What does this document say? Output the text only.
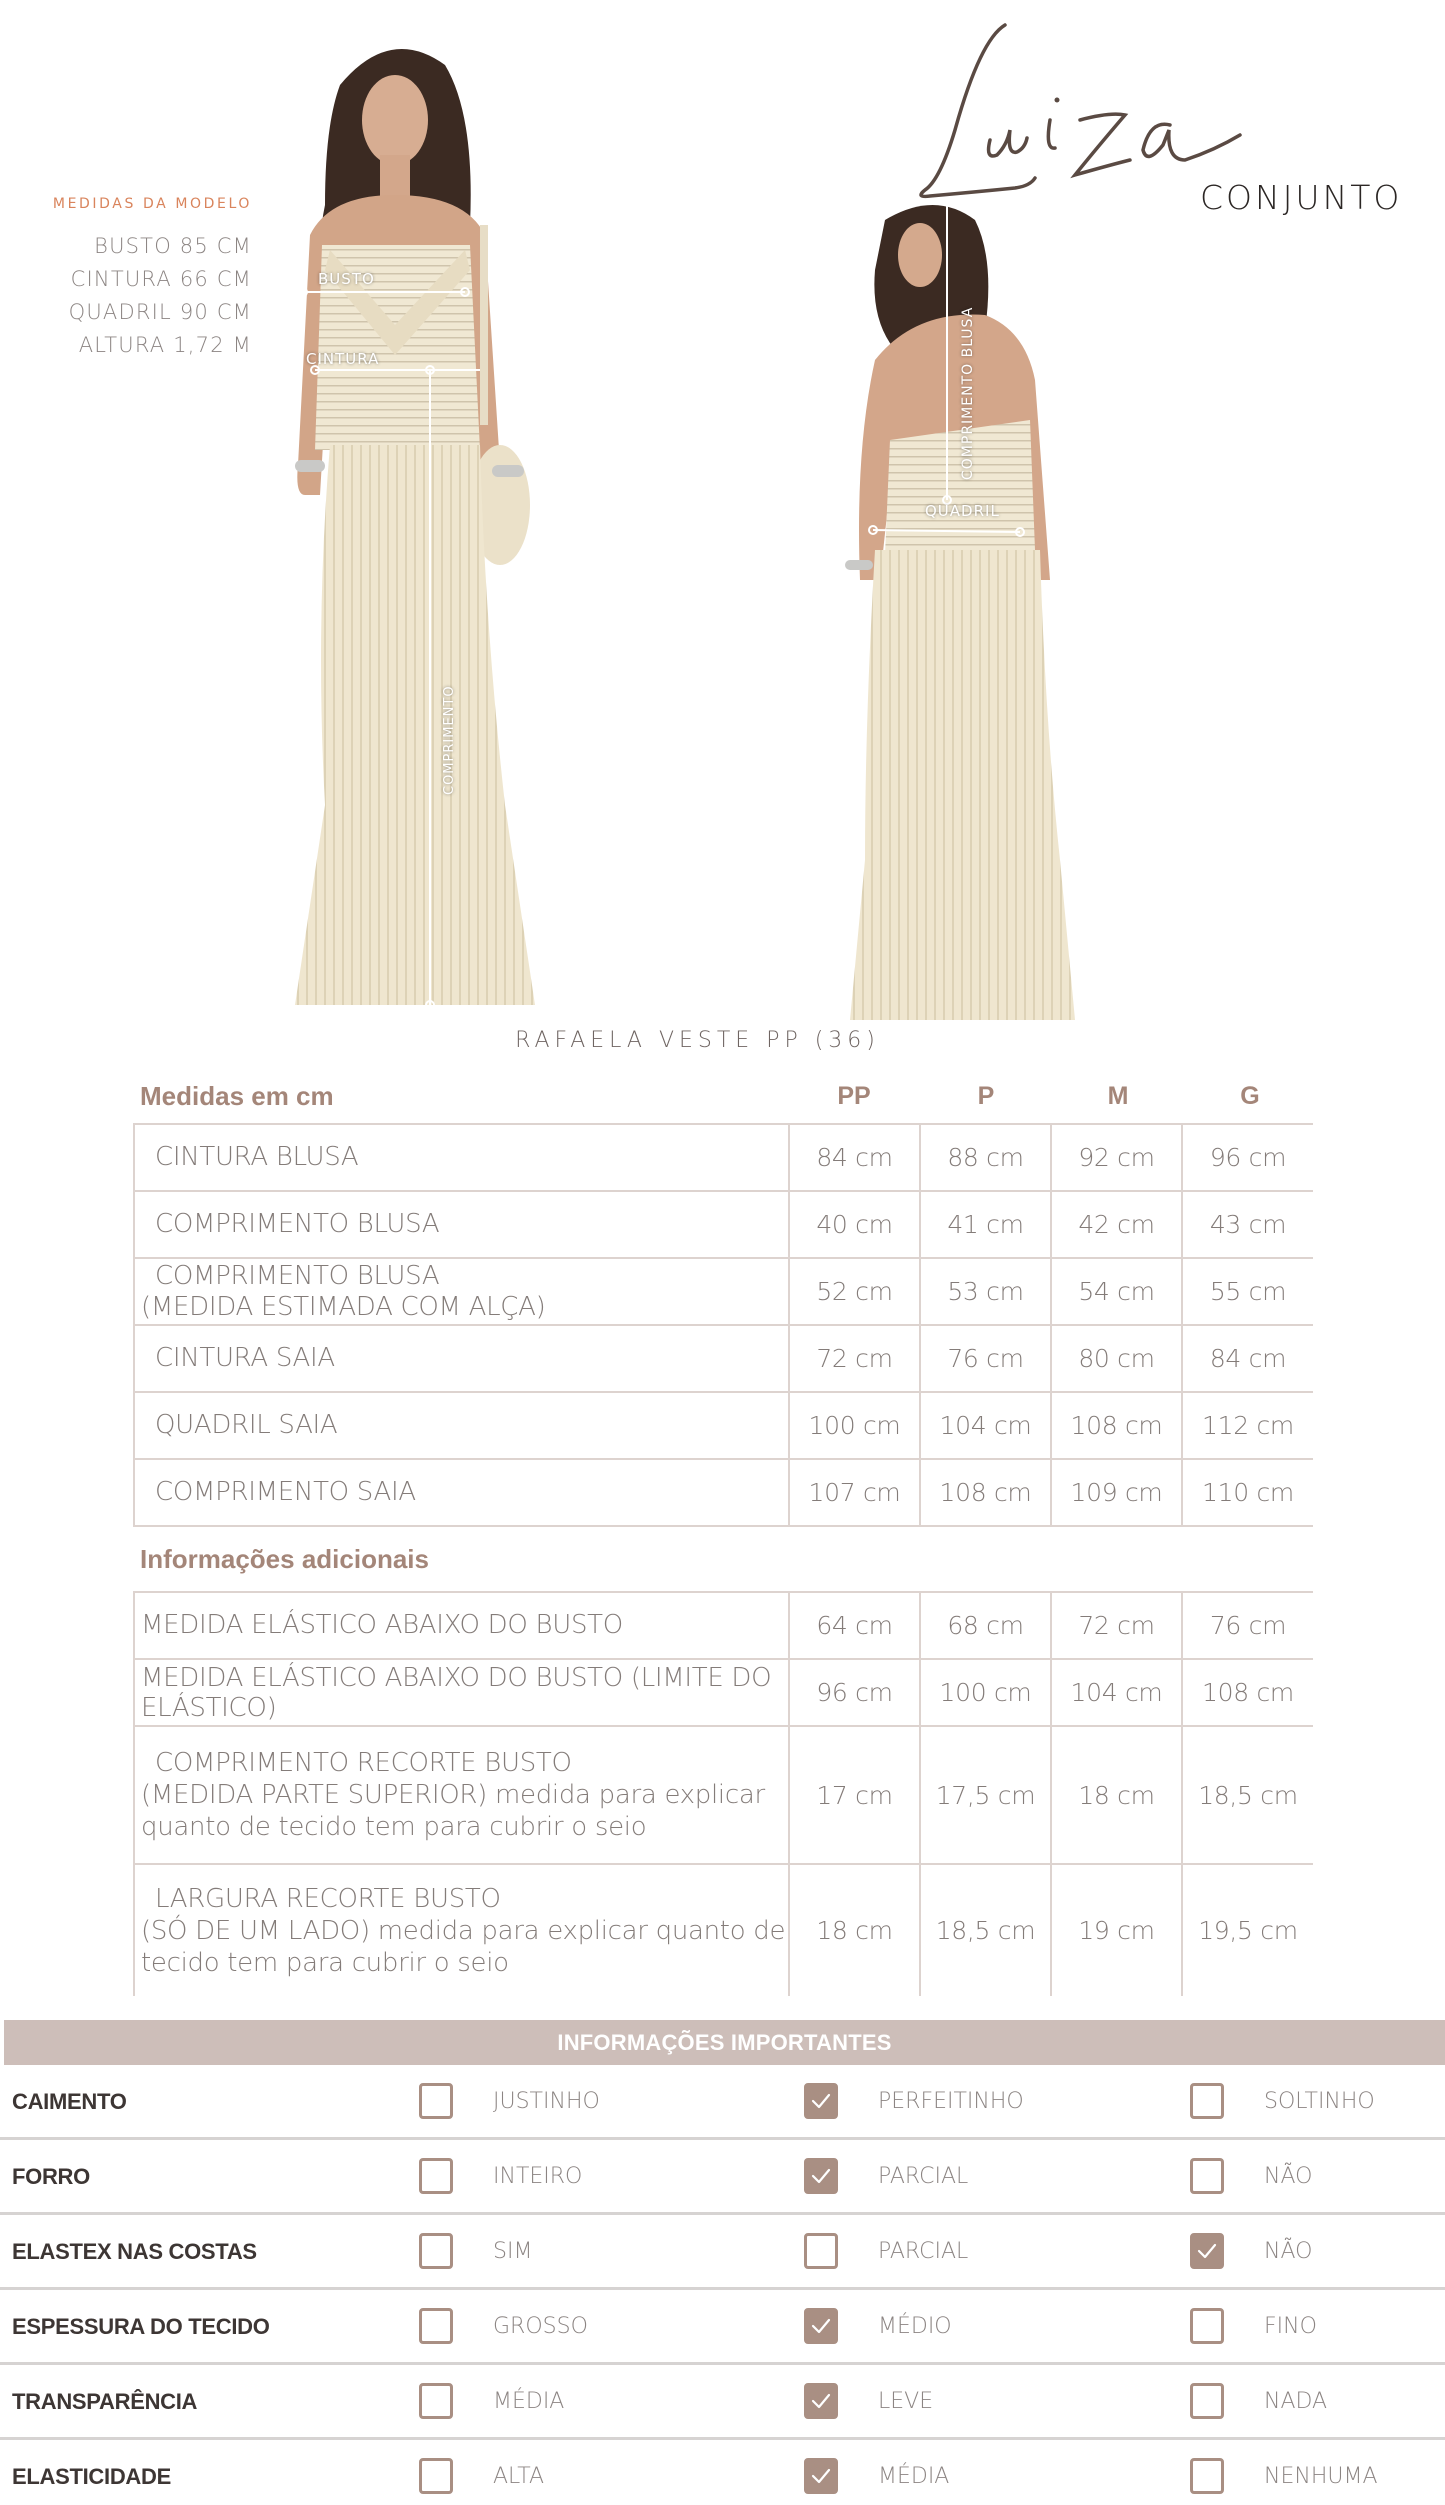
MEDIDAS DA MODELO
BUSTO 85 CM
CINTURA 66 CM
QUADRIL 90 CM
ALTURA 1,72 M
BUSTO
CINTURA
COMPRIMENTO
CONJUNTO
COMPRIMENTO BLUSA
QUADRIL
RAFAELA VESTE PP (36)
Medidas em cm	PP	P	M	G
CINTURA BLUSA	84 cm	88 cm	92 cm	96 cm
COMPRIMENTO BLUSA	40 cm	41 cm	42 cm	43 cm

COMPRIMENTO BLUSA
(MEDIDA ESTIMADA COM ALÇA)	52 cm	53 cm	54 cm	55 cm
CINTURA SAIA	72 cm	76 cm	80 cm	84 cm
QUADRIL SAIA	100 cm	104 cm	108 cm	112 cm
COMPRIMENTO SAIA	107 cm	108 cm	109 cm	110 cm
Informações adicionais
MEDIDA ELÁSTICO ABAIXO DO BUSTO	64 cm	68 cm	72 cm	76 cm
MEDIDA ELÁSTICO ABAIXO DO BUSTO (LIMITE DO ELÁSTICO)	96 cm	100 cm	104 cm	108 cm

COMPRIMENTO RECORTE BUSTO
(MEDIDA PARTE SUPERIOR) medida para explicar quanto de tecido tem para cubrir o seio	17 cm	17,5 cm	18 cm	18,5 cm

LARGURA RECORTE BUSTO
(SÓ DE UM LADO) medida para explicar quanto de tecido tem para cubrir o seio	18 cm	18,5 cm	19 cm	19,5 cm
INFORMAÇÕES IMPORTANTES
CAIMENTO	JUSTINHO	PERFEITINHO	SOLTINHO
FORRO	INTEIRO	PARCIAL	NÃO
ELASTEX NAS COSTAS	SIM	PARCIAL	NÃO
ESPESSURA DO TECIDO	GROSSO	MÉDIO	FINO
TRANSPARÊNCIA	MÉDIA	LEVE	NADA
ELASTICIDADE	ALTA	MÉDIA	NENHUMA
